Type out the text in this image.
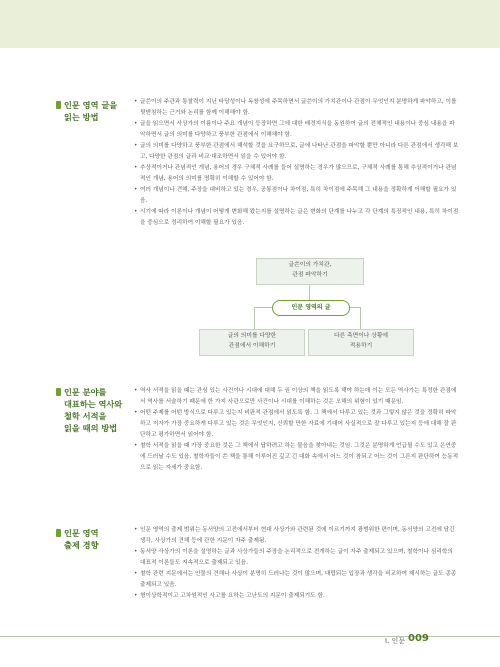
인문 영역 글을
읽는 방법
• 글쓴이의 주관과 통찰력이 지닌 타당성이나 독창성에 주목하면서 글쓴이의 가치관이나 관점이 무엇인지 분명하게 파악하고, 이를 뒷받침하는 근거와 논리를 함께 이해해야 함.
• 글을 읽으면서 사상가의 이름이나 주요 개념이 등장하면 그에 대한 배경지식을 동원하여 글의 전체적인 내용이나 중심 내용을 파악하면서 글의 의미를 다양하고 풍부한 관점에서 이해해야 함.
• 글의 의미를 다양하고 풍부한 관점에서 해석할 것을 요구하므로, 글에 나타난 관점을 파악할 뿐만 아니라 다른 관점에서 생각해 보고, 다양한 관점의 글과 비교·대조하면서 읽을 수 있어야 함.
• 추상적이거나 관념적인 개념, 용어의 경우 구체적 사례를 들어 설명하는 경우가 많으므로, 구체적 사례를 통해 추상적이거나 관념적인 개념, 용어의 의미를 명확히 이해할 수 있어야 함.
• 여러 개념이나 견해, 주장을 대비하고 있는 경우, 공통점이나 차이점, 특히 차이점에 주목해 그 내용을 정확하게 이해할 필요가 있음.
• 시기에 따라 이론이나 개념이 어떻게 변화해 왔는지를 설명하는 글은 변화의 단계를 나누고 각 단계의 특징적인 내용, 특히 차이점을 중심으로 정리하여 이해할 필요가 있음.
글쓴이의 가치관,
관점 파악하기
인문 영역의 글
글의 의미를 다양한
관점에서 이해하기
다른 측면이나 상황에
적용하기
인문 분야를
대표하는 역사와
철학 서적을
읽을 때의 방법
• 역사 서적을 읽을 때는 관심 있는 사건이나 시대에 대해 두 권 이상의 책을 읽도록 해야 하는데 이는 모든 역사가는 특정한 관점에서 역사를 서술하기 때문에 한 가지 사관으로만 사건이나 시대를 이해하는 것은 오해의 위험이 있기 때문임.
• 어떤 주제를 어떤 방식으로 다루고 있는지 비판적 관점에서 읽도록 함. 그 책에서 다루고 있는 것과 그렇지 않은 것을 정확히 파악하고 저자가 가장 중요하게 다루고 있는 것은 무엇인지, 신뢰할 만한 자료에 기대어 사실적으로 잘 다루고 있는지 등에 대해 잘 판단하고 평가하면서 읽어야 함.
• 철학 서적을 읽을 때 가장 중요한 것은 그 책에서 답하려고 하는 물음을 찾아내는 것임. 그것은 분명하게 언급될 수도 있고 은연중에 드러날 수도 있음. 철학자들이 쓴 책을 통해 이루어진 깊고 긴 대화 속에서 어느 것이 참되고 어느 것이 그른지 판단하여 능동적으로 읽는 자세가 중요함.
인문 영역
출제 경향
• 인문 영역의 출제 범위는 동서양의 고전에서부터 현대 사상가와 관련된 것에 이르기까지 광범위한 편이며, 동서양의 고전에 담긴 생각, 사상가의 견해 등에 관한 지문이 자주 출제됨.
• 동서양 사상가의 이론을 설명하는 글과 사상가들의 주장을 논리적으로 전개하는 글이 자주 출제되고 있으며, 철학이나 심리학의 대표적 이론들도 지속적으로 출제되고 있음.
• 철학 관련 지문에서는 인물의 견해나 사상이 분명히 드러나는 것이 많으며, 대립되는 입장과 생각을 비교하여 제시하는 글도 종종 출제되고 있음.
• 형이상학적이고 고차원적인 사고를 요하는 고난도의 지문이 출제되기도 함.
I. 인문 009
